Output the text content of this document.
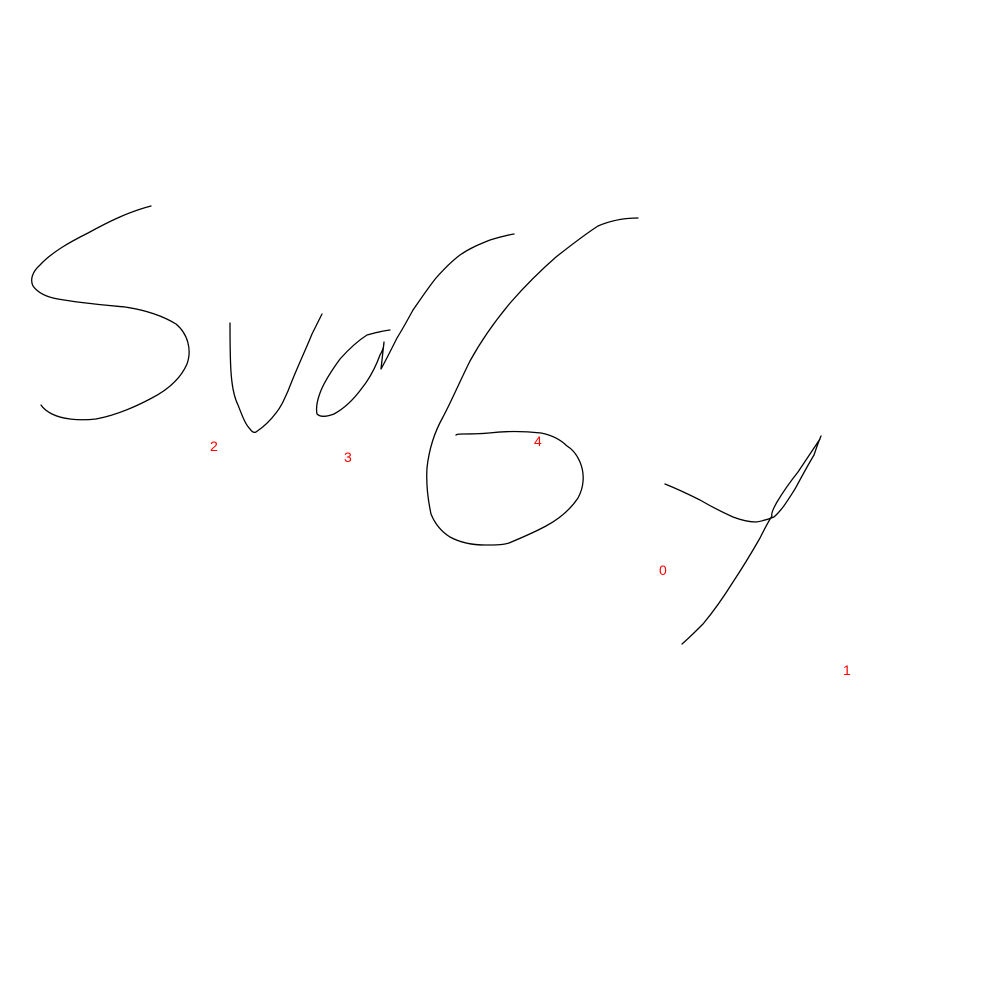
2
3
4
0
1
